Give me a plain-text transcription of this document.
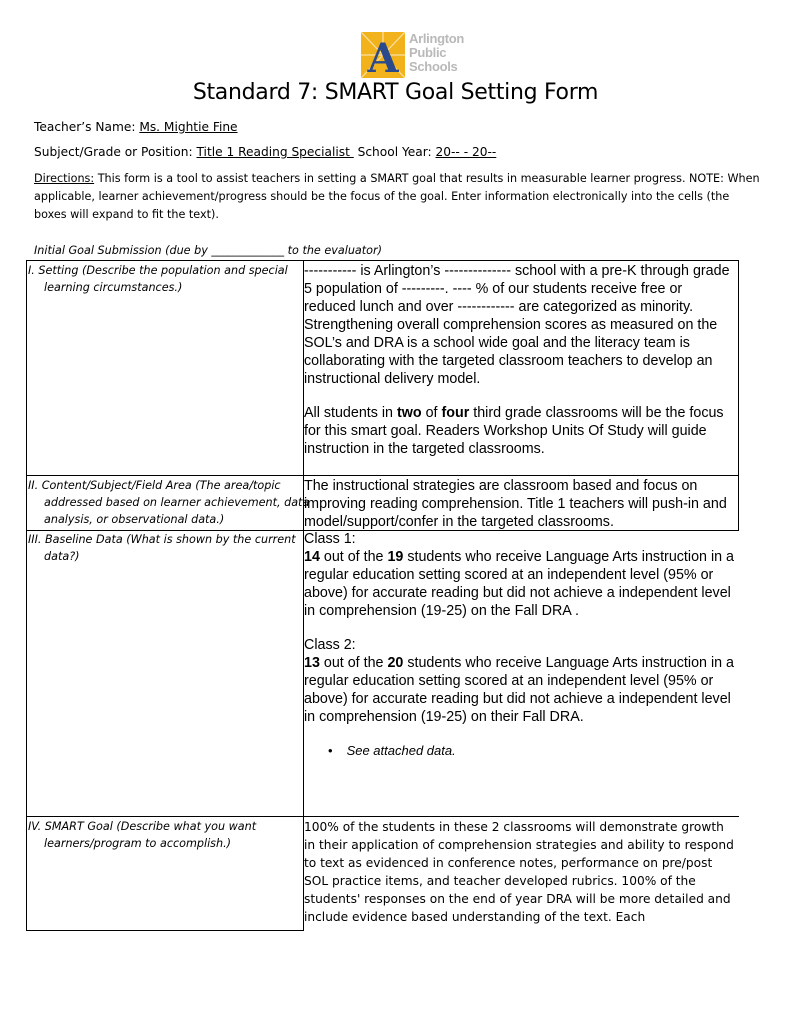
A Arlington
Public
Schools
Standard 7: SMART Goal Setting Form
Teacher’s Name: Ms. Mightie Fine
Subject/Grade or Position: Title 1 Reading Specialist  School Year: 20-- - 20--
Directions: This form is a tool to assist teachers in setting a SMART goal that results in measurable learner progress. NOTE: When applicable, learner achievement/progress should be the focus of the goal. Enter information electronically into the cells (the boxes will expand to fit the text).
Initial Goal Submission (due by _____________ to the evaluator)
I. Setting (Describe the population and special learning circumstances.)

----------- is Arlington’s -------------- school with a pre-K through grade 5 population of ---------. ---- % of our students receive free or reduced lunch and over ------------ are categorized as minority. Strengthening overall comprehension scores as measured on the SOL’s and DRA is a school wide goal and the literacy team is collaborating with the targeted classroom teachers to develop an instructional delivery model.

All students in two of four third grade classrooms will be the focus for this smart goal. Readers Workshop Units Of Study will guide instruction in the targeted classrooms.

II. Content/Subject/Field Area (The area/topic addressed based on learner achievement, data analysis, or observational data.)

The instructional strategies are classroom based and focus on improving reading comprehension. Title 1 teachers will push-in and model/support/confer in the targeted classrooms.

III. Baseline Data (What is shown by the current data?)

Class 1:

14 out of the 19 students who receive Language Arts instruction in a regular education setting scored at an independent level (95% or above) for accurate reading but did not achieve a independent level in comprehension (19-25) on the Fall DRA .

Class 2:

13 out of the 20 students who receive Language Arts instruction in a regular education setting scored at an independent level (95% or above) for accurate reading but did not achieve a independent level in comprehension (19-25) on their Fall DRA.

• See attached data.

IV. SMART Goal (Describe what you want learners/program to accomplish.)

100% of the students in these 2 classrooms will demonstrate growth in their application of comprehension strategies and ability to respond to text as evidenced in conference notes, performance on pre/post SOL practice items, and teacher developed rubrics. 100% of the students' responses on the end of year DRA will be more detailed and include evidence based understanding of the text. Each
